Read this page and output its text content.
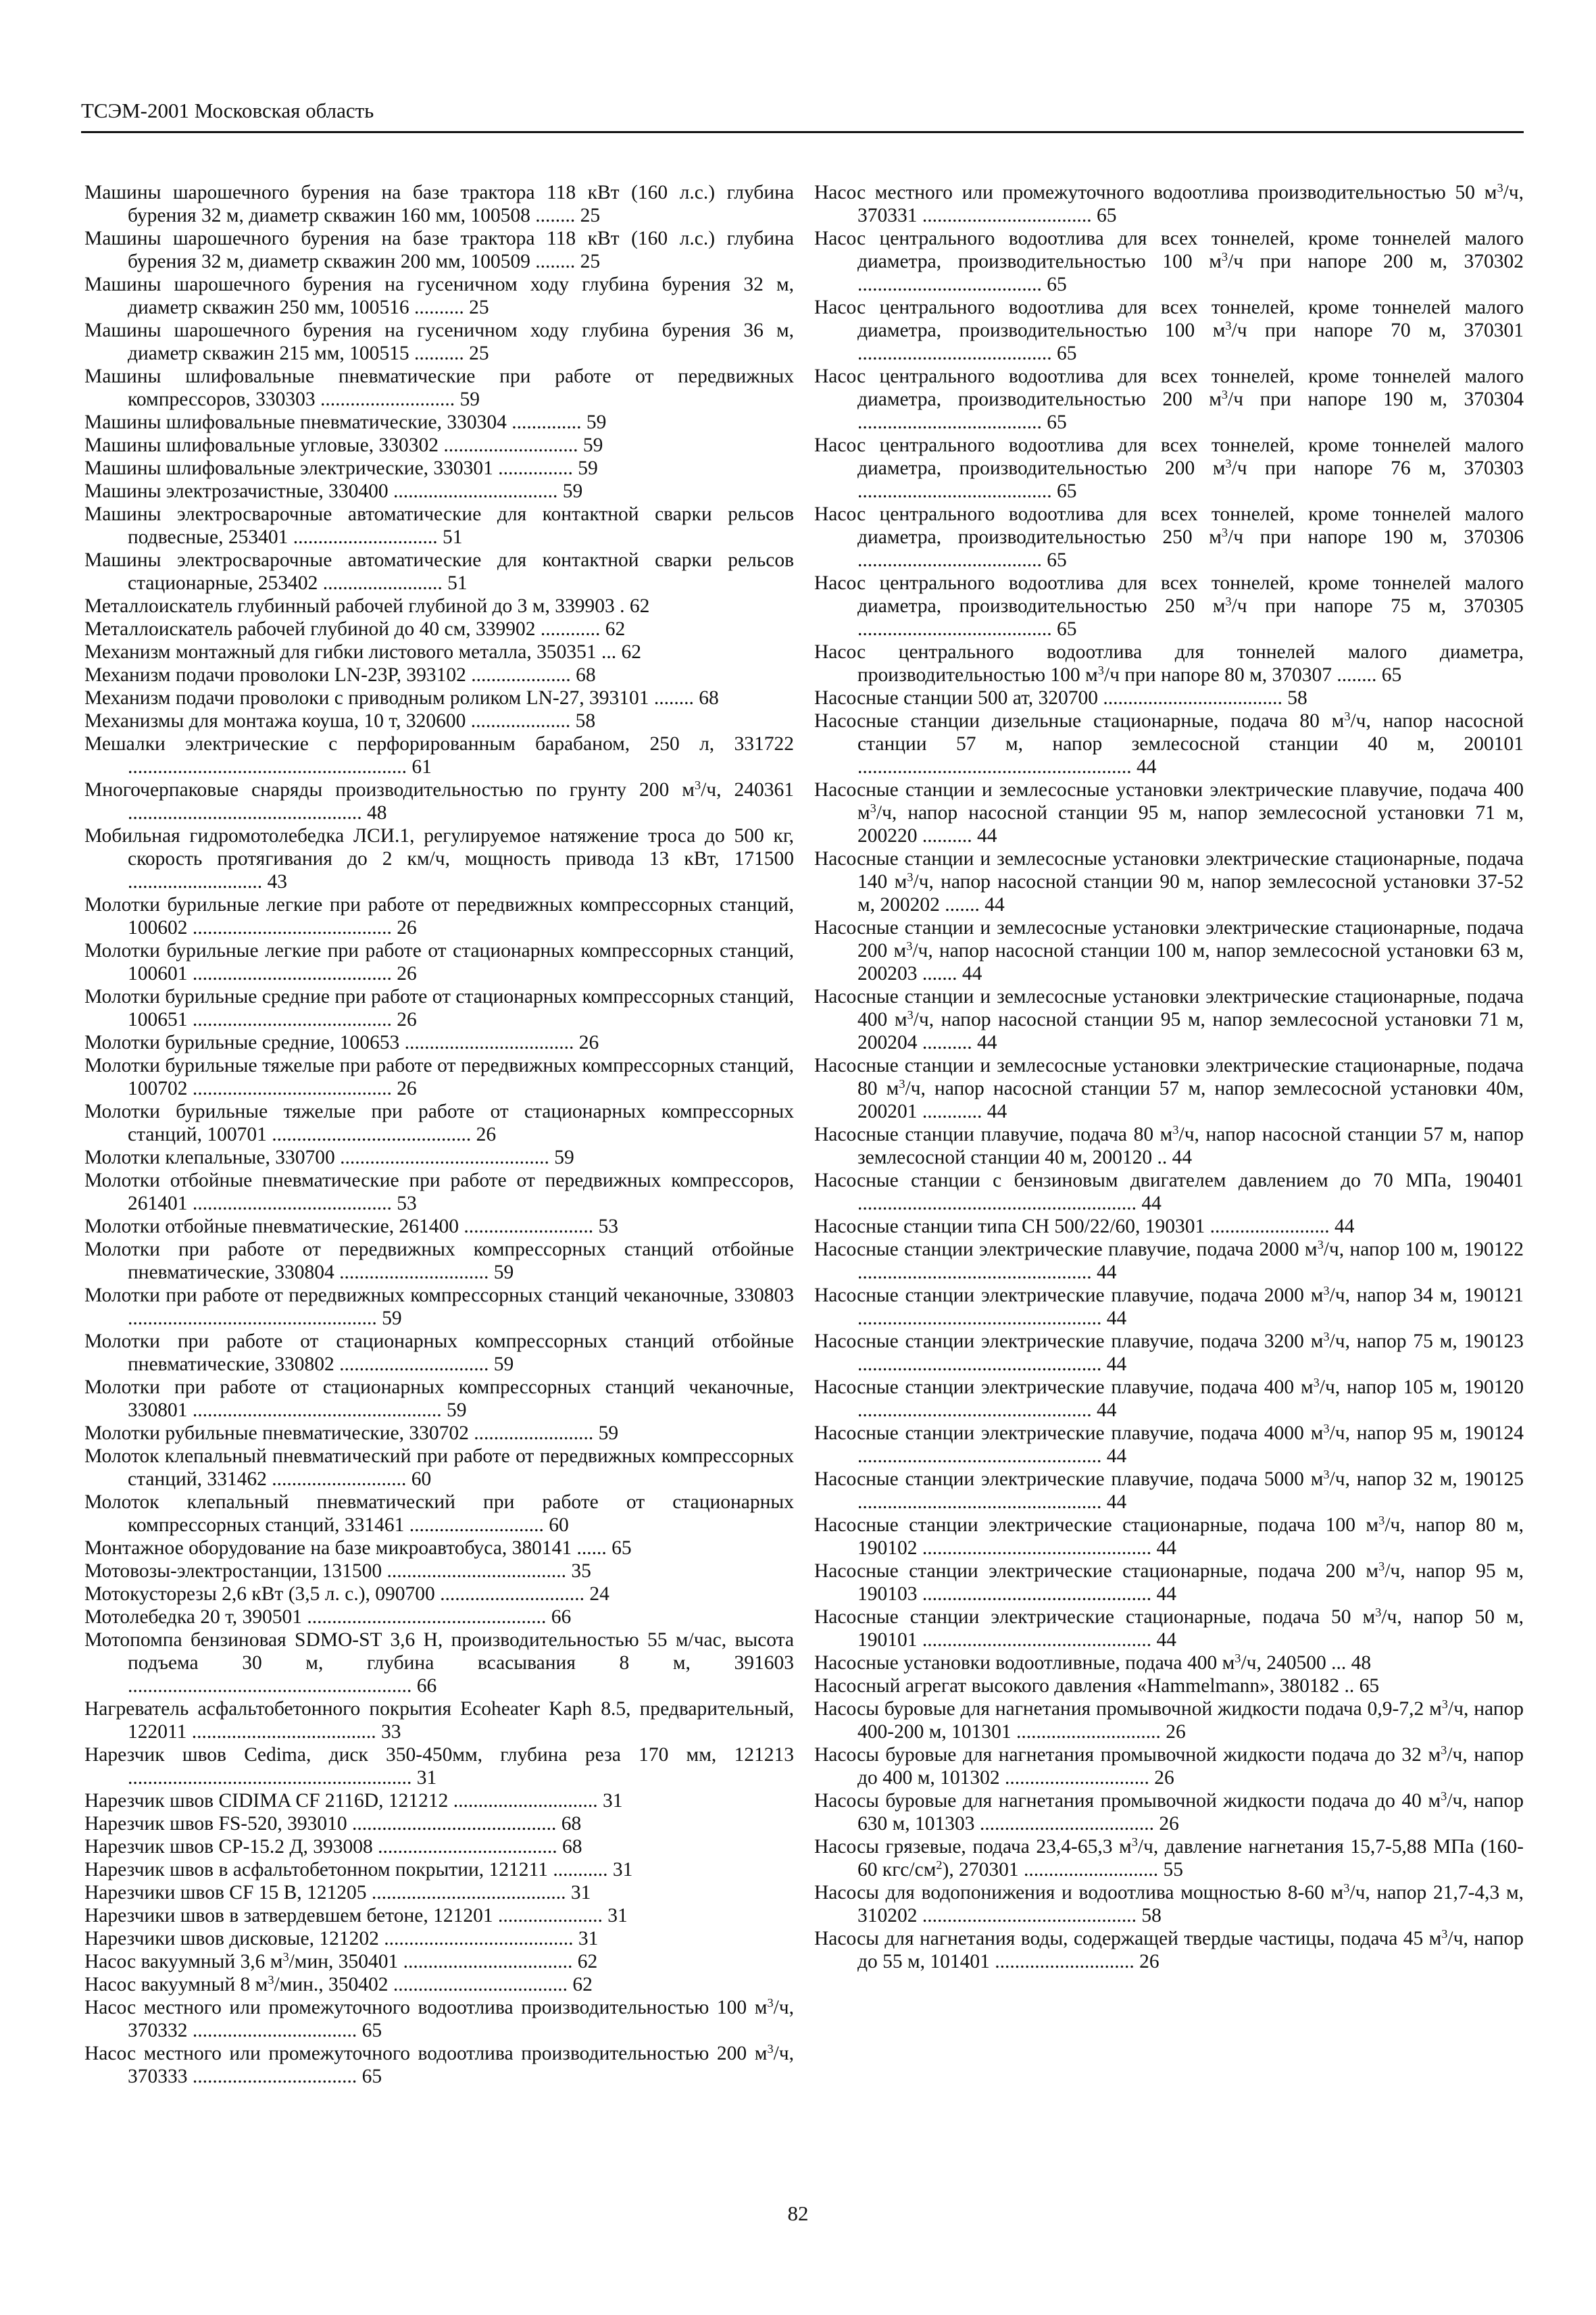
ТСЭМ-2001 Московская область
Машины шарошечного бурения на базе трактора 118 кВт (160 л.с.) глубина бурения 32 м, диаметр скважин 160 мм, 100508 ........ 25
Машины шарошечного бурения на базе трактора 118 кВт (160 л.с.) глубина бурения 32 м, диаметр скважин 200 мм, 100509 ........ 25
Машины шарошечного бурения на гусеничном ходу глубина бурения 32 м, диаметр скважин 250 мм, 100516 .......... 25
Машины шарошечного бурения на гусеничном ходу глубина бурения 36 м, диаметр скважин 215 мм, 100515 .......... 25
Машины шлифовальные пневматические при работе от передвижных компрессоров, 330303 ........................... 59
Машины шлифовальные пневматические, 330304 .............. 59
Машины шлифовальные угловые, 330302 ........................... 59
Машины шлифовальные электрические, 330301 ............... 59
Машины электрозачистные, 330400 ................................. 59
Машины электросварочные автоматические для контактной сварки рельсов подвесные, 253401 ............................. 51
Машины электросварочные автоматические для контактной сварки рельсов стационарные, 253402 ........................ 51
Металлоискатель глубинный рабочей глубиной до 3 м, 339903 . 62
Металлоискатель рабочей глубиной до 40 см, 339902 ............ 62
Механизм монтажный для гибки листового металла, 350351 ... 62
Механизм подачи проволоки LN-23P, 393102 .................... 68
Механизм подачи проволоки с приводным роликом LN-27, 393101 ........ 68
Механизмы для монтажа коуша, 10 т, 320600 .................... 58
Мешалки электрические с перфорированным барабаном, 250 л, 331722 ........................................................ 61
Многочерпаковые снаряды производительностью по грунту 200 $м^3/ч$, 240361 ............................................... 48
Мобильная гидромотолебедка ЛСИ.1, регулируемое натяжение троса до 500 кг, скорость протягивания до 2 км/ч, мощность привода 13 кВт, 171500 ........................... 43
Молотки бурильные легкие при работе от передвижных компрессорных станций, 100602 ........................................ 26
Молотки бурильные легкие при работе от стационарных компрессорных станций, 100601 ........................................ 26
Молотки бурильные средние при работе от стационарных компрессорных станций, 100651 ........................................ 26
Молотки бурильные средние, 100653 .................................. 26
Молотки бурильные тяжелые при работе от передвижных компрессорных станций, 100702 ........................................ 26
Молотки бурильные тяжелые при работе от стационарных компрессорных станций, 100701 ........................................ 26
Молотки клепальные, 330700 .......................................... 59
Молотки отбойные пневматические при работе от передвижных компрессоров, 261401 ........................................ 53
Молотки отбойные пневматические, 261400 .......................... 53
Молотки при работе от передвижных компрессорных станций отбойные пневматические, 330804 .............................. 59
Молотки при работе от передвижных компрессорных станций чеканочные, 330803 .................................................. 59
Молотки при работе от стационарных компрессорных станций отбойные пневматические, 330802 .............................. 59
Молотки при работе от стационарных компрессорных станций чеканочные, 330801 .................................................. 59
Молотки рубильные пневматические, 330702 ........................ 59
Молоток клепальный пневматический при работе от передвижных компрессорных станций, 331462 ........................... 60
Молоток клепальный пневматический при работе от стационарных компрессорных станций, 331461 ........................... 60
Монтажное оборудование на базе микроавтобуса, 380141 ...... 65
Мотовозы-электростанции, 131500 .................................... 35
Мотокусторезы 2,6 кВт (3,5 л. с.), 090700 ............................. 24
Мотолебедка 20 т, 390501 ................................................ 66
Мотопомпа бензиновая SDMO-ST 3,6 H, производительностью 55 м/час, высота подъема 30 м, глубина всасывания 8 м, 391603 ......................................................... 66
Нагреватель асфальтобетонного покрытия Ecoheater Kaph 8.5, предварительный, 122011 ..................................... 33
Нарезчик швов Cedima, диск 350-450мм, глубина реза 170 мм, 121213 ......................................................... 31
Нарезчик швов CIDIMA CF 2116D, 121212 ............................. 31
Нарезчик швов FS-520, 393010 ......................................... 68
Нарезчик швов CP-15.2 Д, 393008 .................................... 68
Нарезчик швов в асфальтобетонном покрытии, 121211 ........... 31
Нарезчики швов CF 15 B, 121205 ....................................... 31
Нарезчики швов в затвердевшем бетоне, 121201 ..................... 31
Нарезчики швов дисковые, 121202 ...................................... 31
Насос вакуумный 3,6 $м^3$/мин, 350401 .................................. 62
Насос вакуумный 8 $м^3$/мин., 350402 ................................... 62
Насос местного или промежуточного водоотлива производительностью 100 $м^3/ч$, 370332 ................................. 65
Насос местного или промежуточного водоотлива производительностью 200 $м^3/ч$, 370333 ................................. 65
Насос местного или промежуточного водоотлива производительностью 50 $м^3/ч$, 370331 .................................. 65
Насос центрального водоотлива для всех тоннелей, кроме тоннелей малого диаметра, производительностью 100 $м^3/ч$ при напоре 200 м, 370302 ..................................... 65
Насос центрального водоотлива для всех тоннелей, кроме тоннелей малого диаметра, производительностью 100 $м^3/ч$ при напоре 70 м, 370301 ....................................... 65
Насос центрального водоотлива для всех тоннелей, кроме тоннелей малого диаметра, производительностью 200 $м^3/ч$ при напоре 190 м, 370304 ..................................... 65
Насос центрального водоотлива для всех тоннелей, кроме тоннелей малого диаметра, производительностью 200 $м^3/ч$ при напоре 76 м, 370303 ....................................... 65
Насос центрального водоотлива для всех тоннелей, кроме тоннелей малого диаметра, производительностью 250 $м^3/ч$ при напоре 190 м, 370306 ..................................... 65
Насос центрального водоотлива для всех тоннелей, кроме тоннелей малого диаметра, производительностью 250 $м^3/ч$ при напоре 75 м, 370305 ....................................... 65
Насос центрального водоотлива для тоннелей малого диаметра, производительностью 100 $м^3/ч$ при напоре 80 м, 370307 ........ 65
Насосные станции 500 ат, 320700 .................................... 58
Насосные станции дизельные стационарные, подача 80 $м^3/ч$, напор насосной станции 57 м, напор землесосной станции 40 м, 200101 ....................................................... 44
Насосные станции и землесосные установки электрические плавучие, подача 400 $м^3/ч$, напор насосной станции 95 м, напор землесосной установки 71 м, 200220 .......... 44
Насосные станции и землесосные установки электрические стационарные, подача 140 $м^3/ч$, напор насосной станции 90 м, напор землесосной установки 37-52 м, 200202 ....... 44
Насосные станции и землесосные установки электрические стационарные, подача 200 $м^3/ч$, напор насосной станции 100 м, напор землесосной установки 63 м, 200203 ....... 44
Насосные станции и землесосные установки электрические стационарные, подача 400 $м^3/ч$, напор насосной станции 95 м, напор землесосной установки 71 м, 200204 .......... 44
Насосные станции и землесосные установки электрические стационарные, подача 80 $м^3/ч$, напор насосной станции 57 м, напор землесосной установки 40м, 200201 ............ 44
Насосные станции плавучие, подача 80 $м^3/ч$, напор насосной станции 57 м, напор землесосной станции 40 м, 200120 .. 44
Насосные станции с бензиновым двигателем давлением до 70 МПа, 190401 ........................................................ 44
Насосные станции типа CH 500/22/60, 190301 ........................ 44
Насосные станции электрические плавучие, подача 2000 $м^3/ч$, напор 100 м, 190122 ............................................... 44
Насосные станции электрические плавучие, подача 2000 $м^3/ч$, напор 34 м, 190121 ................................................. 44
Насосные станции электрические плавучие, подача 3200 $м^3/ч$, напор 75 м, 190123 ................................................. 44
Насосные станции электрические плавучие, подача 400 $м^3/ч$, напор 105 м, 190120 ............................................... 44
Насосные станции электрические плавучие, подача 4000 $м^3/ч$, напор 95 м, 190124 ................................................. 44
Насосные станции электрические плавучие, подача 5000 $м^3/ч$, напор 32 м, 190125 ................................................. 44
Насосные станции электрические стационарные, подача 100 $м^3/ч$, напор 80 м, 190102 .............................................. 44
Насосные станции электрические стационарные, подача 200 $м^3/ч$, напор 95 м, 190103 .............................................. 44
Насосные станции электрические стационарные, подача 50 $м^3/ч$, напор 50 м, 190101 .............................................. 44
Насосные установки водоотливные, подача 400 $м^3/ч$, 240500 ... 48
Насосный агрегат высокого давления «Hammelmann», 380182 .. 65
Насосы буровые для нагнетания промывочной жидкости подача 0,9-7,2 $м^3/ч$, напор 400-200 м, 101301 ............................. 26
Насосы буровые для нагнетания промывочной жидкости подача до 32 $м^3/ч$, напор до 400 м, 101302 ............................. 26
Насосы буровые для нагнетания промывочной жидкости подача до 40 $м^3/ч$, напор 630 м, 101303 ................................... 26
Насосы грязевые, подача 23,4-65,3 $м^3/ч$, давление нагнетания 15,7-5,88 МПа (160-60 кгс/$см^2$), 270301 ........................... 55
Насосы для водопонижения и водоотлива мощностью 8-60 $м^3/ч$, напор 21,7-4,3 м, 310202 ........................................... 58
Насосы для нагнетания воды, содержащей твердые частицы, подача 45 $м^3/ч$, напор до 55 м, 101401 ............................ 26
82
